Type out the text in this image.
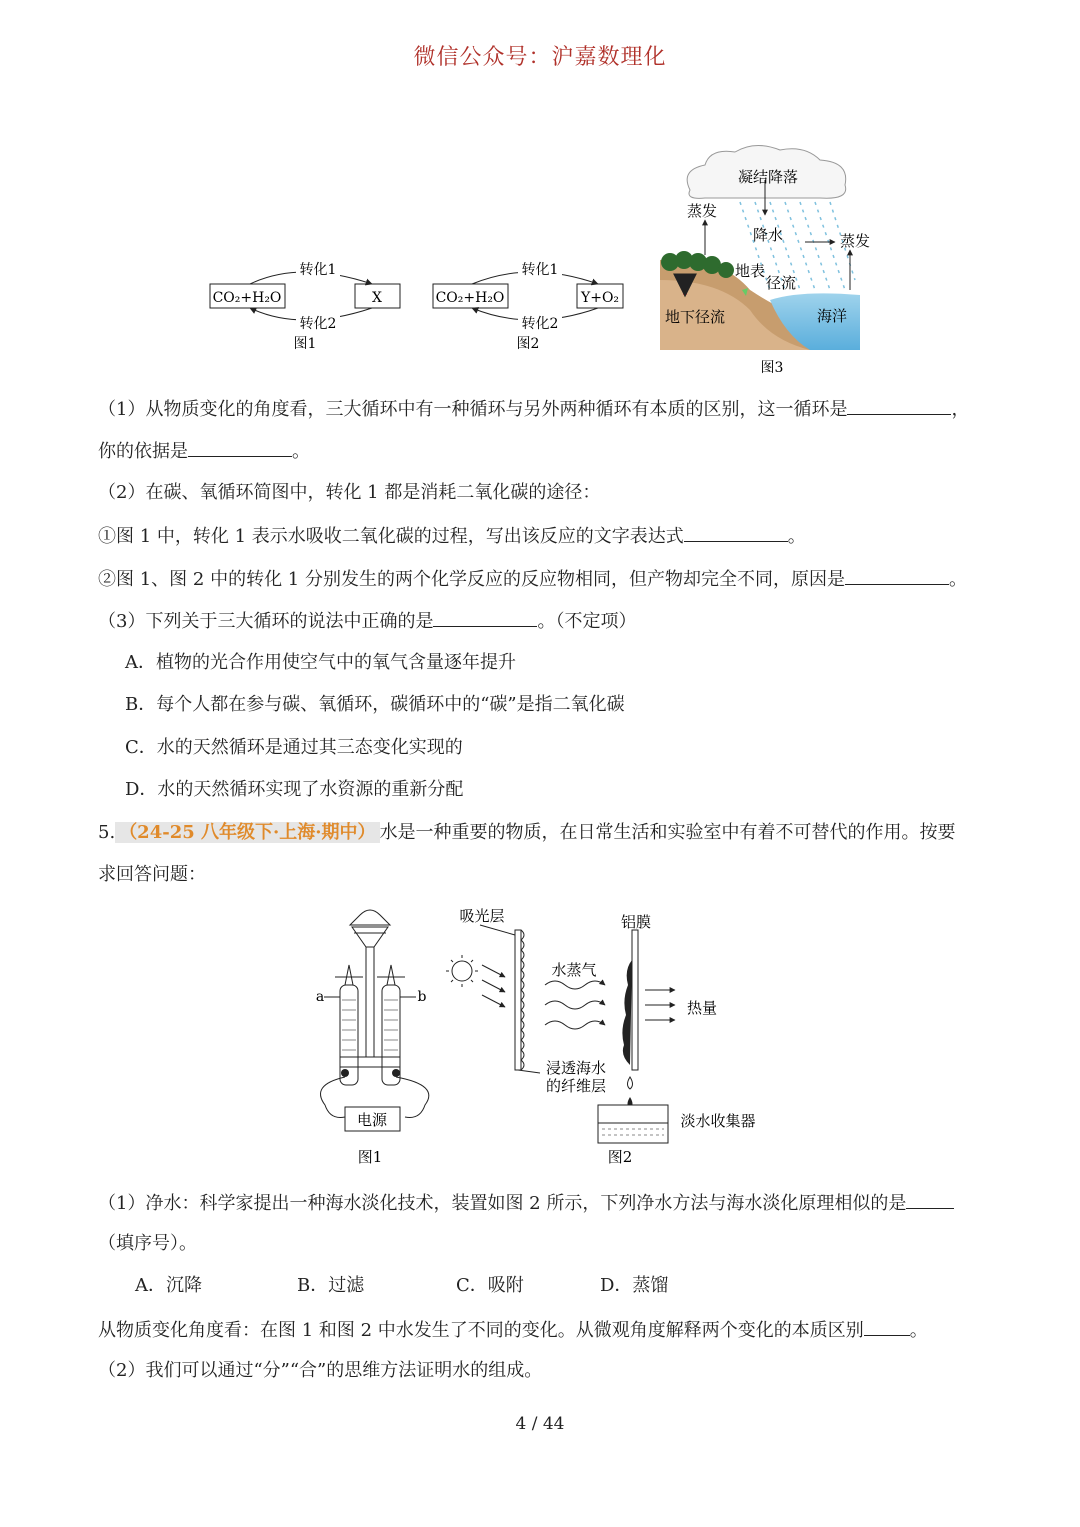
微信公众号：沪嘉数理化
CO₂+H₂O	X
转化1
转化2
图1
CO₂+H₂O	Y+O₂
转化1
转化2
图2
凝结降落
蒸发
降水	蒸发
地表
径流
地下径流	海洋
图3
（1）从物质变化的角度看，三大循环中有一种循环与另外两种循环有本质的区别，这一循环是	，
你的依据是	。
（2）在碳、氧循环简图中，转化 1 都是消耗二氧化碳的途径：
①图 1 中，转化 1 表示水吸收二氧化碳的过程，写出该反应的文字表达式	。
②图 1、图 2 中的转化 1 分别发生的两个化学反应的反应物相同，但产物却完全不同，原因是	。
（3）下列关于三大循环的说法中正确的是	。（不定项）
A．植物的光合作用使空气中的氧气含量逐年提升
B．每个人都在参与碳、氧循环，碳循环中的“碳”是指二氧化碳
C．水的天然循环是通过其三态变化实现的
D．水的天然循环实现了水资源的重新分配
5. （24-25 八年级下·上海·期中） 水是一种重要的物质，在日常生活和实验室中有着不可替代的作用。按要
求回答问题：
a	b
电源
图1
吸光层	铝膜
水蒸气
热量
浸透海水
的纤维层
淡水收集器
图2
（1）净水：科学家提出一种海水淡化技术，装置如图 2 所示，下列净水方法与海水淡化原理相似的是
（填序号）。
A．沉降	B．过滤	C．吸附	D．蒸馏
从物质变化角度看：在图 1 和图 2 中水发生了不同的变化。从微观角度解释两个变化的本质区别	。
（2）我们可以通过“分”“合”的思维方法证明水的组成。
4 / 44
